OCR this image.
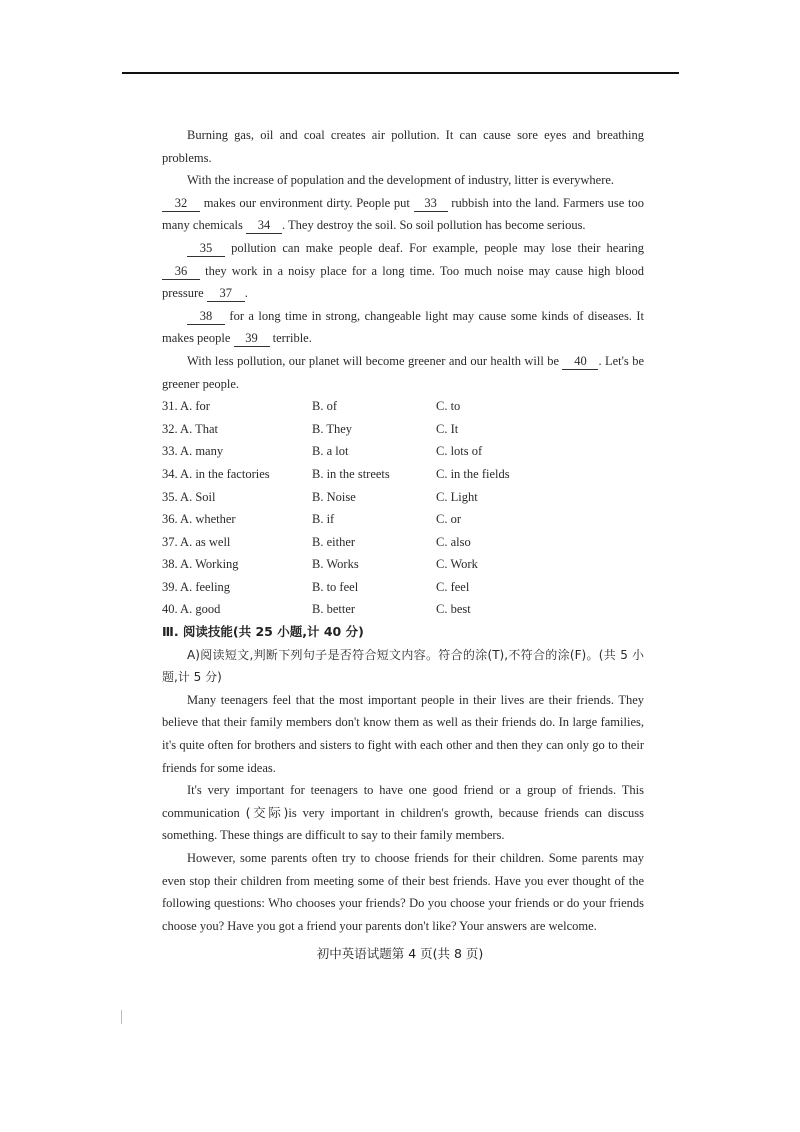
Burning gas, oil and coal creates air pollution. It can cause sore eyes and breathing problems.

With the increase of population and the development of industry, litter is everywhere.

32 makes our environment dirty. People put 33 rubbish into the land. Farmers use too many chemicals 34 . They destroy the soil. So soil pollution has become serious.

35 pollution can make people deaf. For example, people may lose their hearing 36 they work in a noisy place for a long time. Too much noise may cause high blood pressure 37 .

38 for a long time in strong, changeable light may cause some kinds of diseases. It makes people 39 terrible.

With less pollution, our planet will become greener and our health will be 40 . Let's be greener people.

31. A. for	B. of	C. to
32. A. That	B. They	C. It
33. A. many	B. a lot	C. lots of
34. A. in the factories	B. in the streets	C. in the fields
35. A. Soil	B. Noise	C. Light
36. A. whether	B. if	C. or
37. A. as well	B. either	C. also
38. A. Working	B. Works	C. Work
39. A. feeling	B. to feel	C. feel
40. A. good	B. better	C. best

Ⅲ. 阅读技能(共 25 小题,计 40 分)

A)阅读短文,判断下列句子是否符合短文内容。符合的涂(T),不符合的涂(F)。(共 5 小题,计 5 分)

Many teenagers feel that the most important people in their lives are their friends. They believe that their family members don't know them as well as their friends do. In large families, it's quite often for brothers and sisters to fight with each other and then they can only go to their friends for some ideas.

It's very important for teenagers to have one good friend or a group of friends. This communication (交际)is very important in children's growth, because friends can discuss something. These things are difficult to say to their family members.

However, some parents often try to choose friends for their children. Some parents may even stop their children from meeting some of their best friends. Have you ever thought of the following questions: Who chooses your friends? Do you choose your friends or do your friends choose you? Have you got a friend your parents don't like? Your answers are welcome.

初中英语试题第 4 页(共 8 页)
